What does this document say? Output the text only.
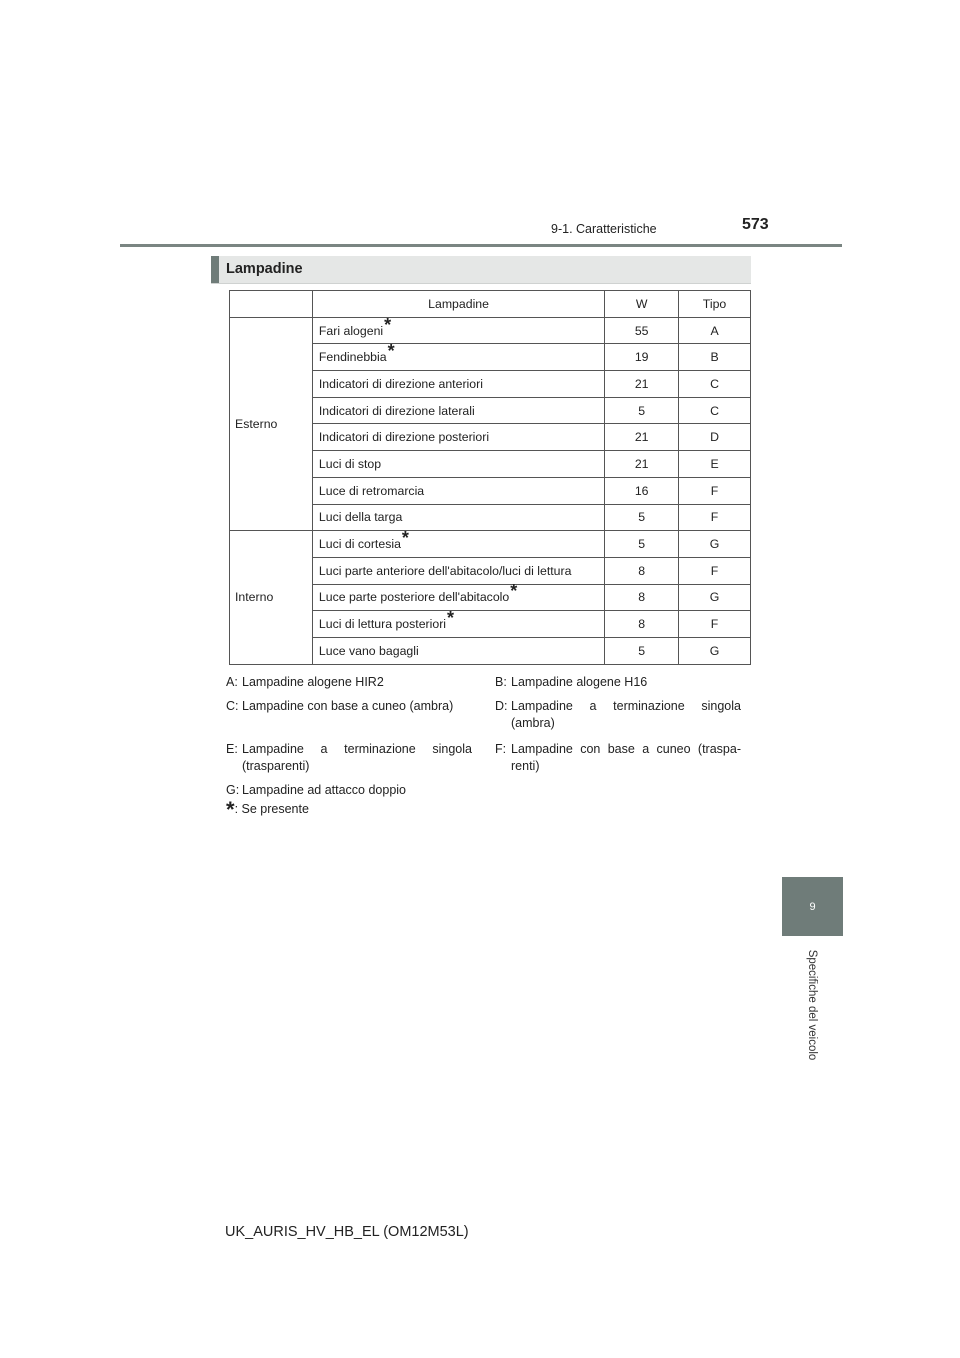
9-1. Caratteristiche	573
9
Specifiche del veicolo
Lampadine
	Lampadine	W	Tipo
Esterno	Fari alogeni*	55	A
	Fendinebbia*	19	B
	Indicatori di direzione anteriori	21	C
	Indicatori di direzione laterali	5	C
	Indicatori di direzione posteriori	21	D
	Luci di stop	21	E
	Luce di retromarcia	16	F
	Luci della targa	5	F
Interno	Luci di cortesia*	5	G
	Luci parte anteriore dell'abitacolo/luci di lettura	8	F
	Luce parte posteriore dell'abitacolo*	8	G
	Luci di lettura posteriori*	8	F
	Luce vano bagagli	5	G
A: Lampadine alogene HIR2	B: Lampadine alogene H16
C: Lampadine con base a cuneo (ambra)	D: Lampadine a terminazione singola (ambra)
E: Lampadine a terminazione singola (trasparenti)
F: Lampadine con base a cuneo (traspa-renti)
G: Lampadine ad attacco doppio
*: Se presente
UK_AURIS_HV_HB_EL (OM12M53L)
